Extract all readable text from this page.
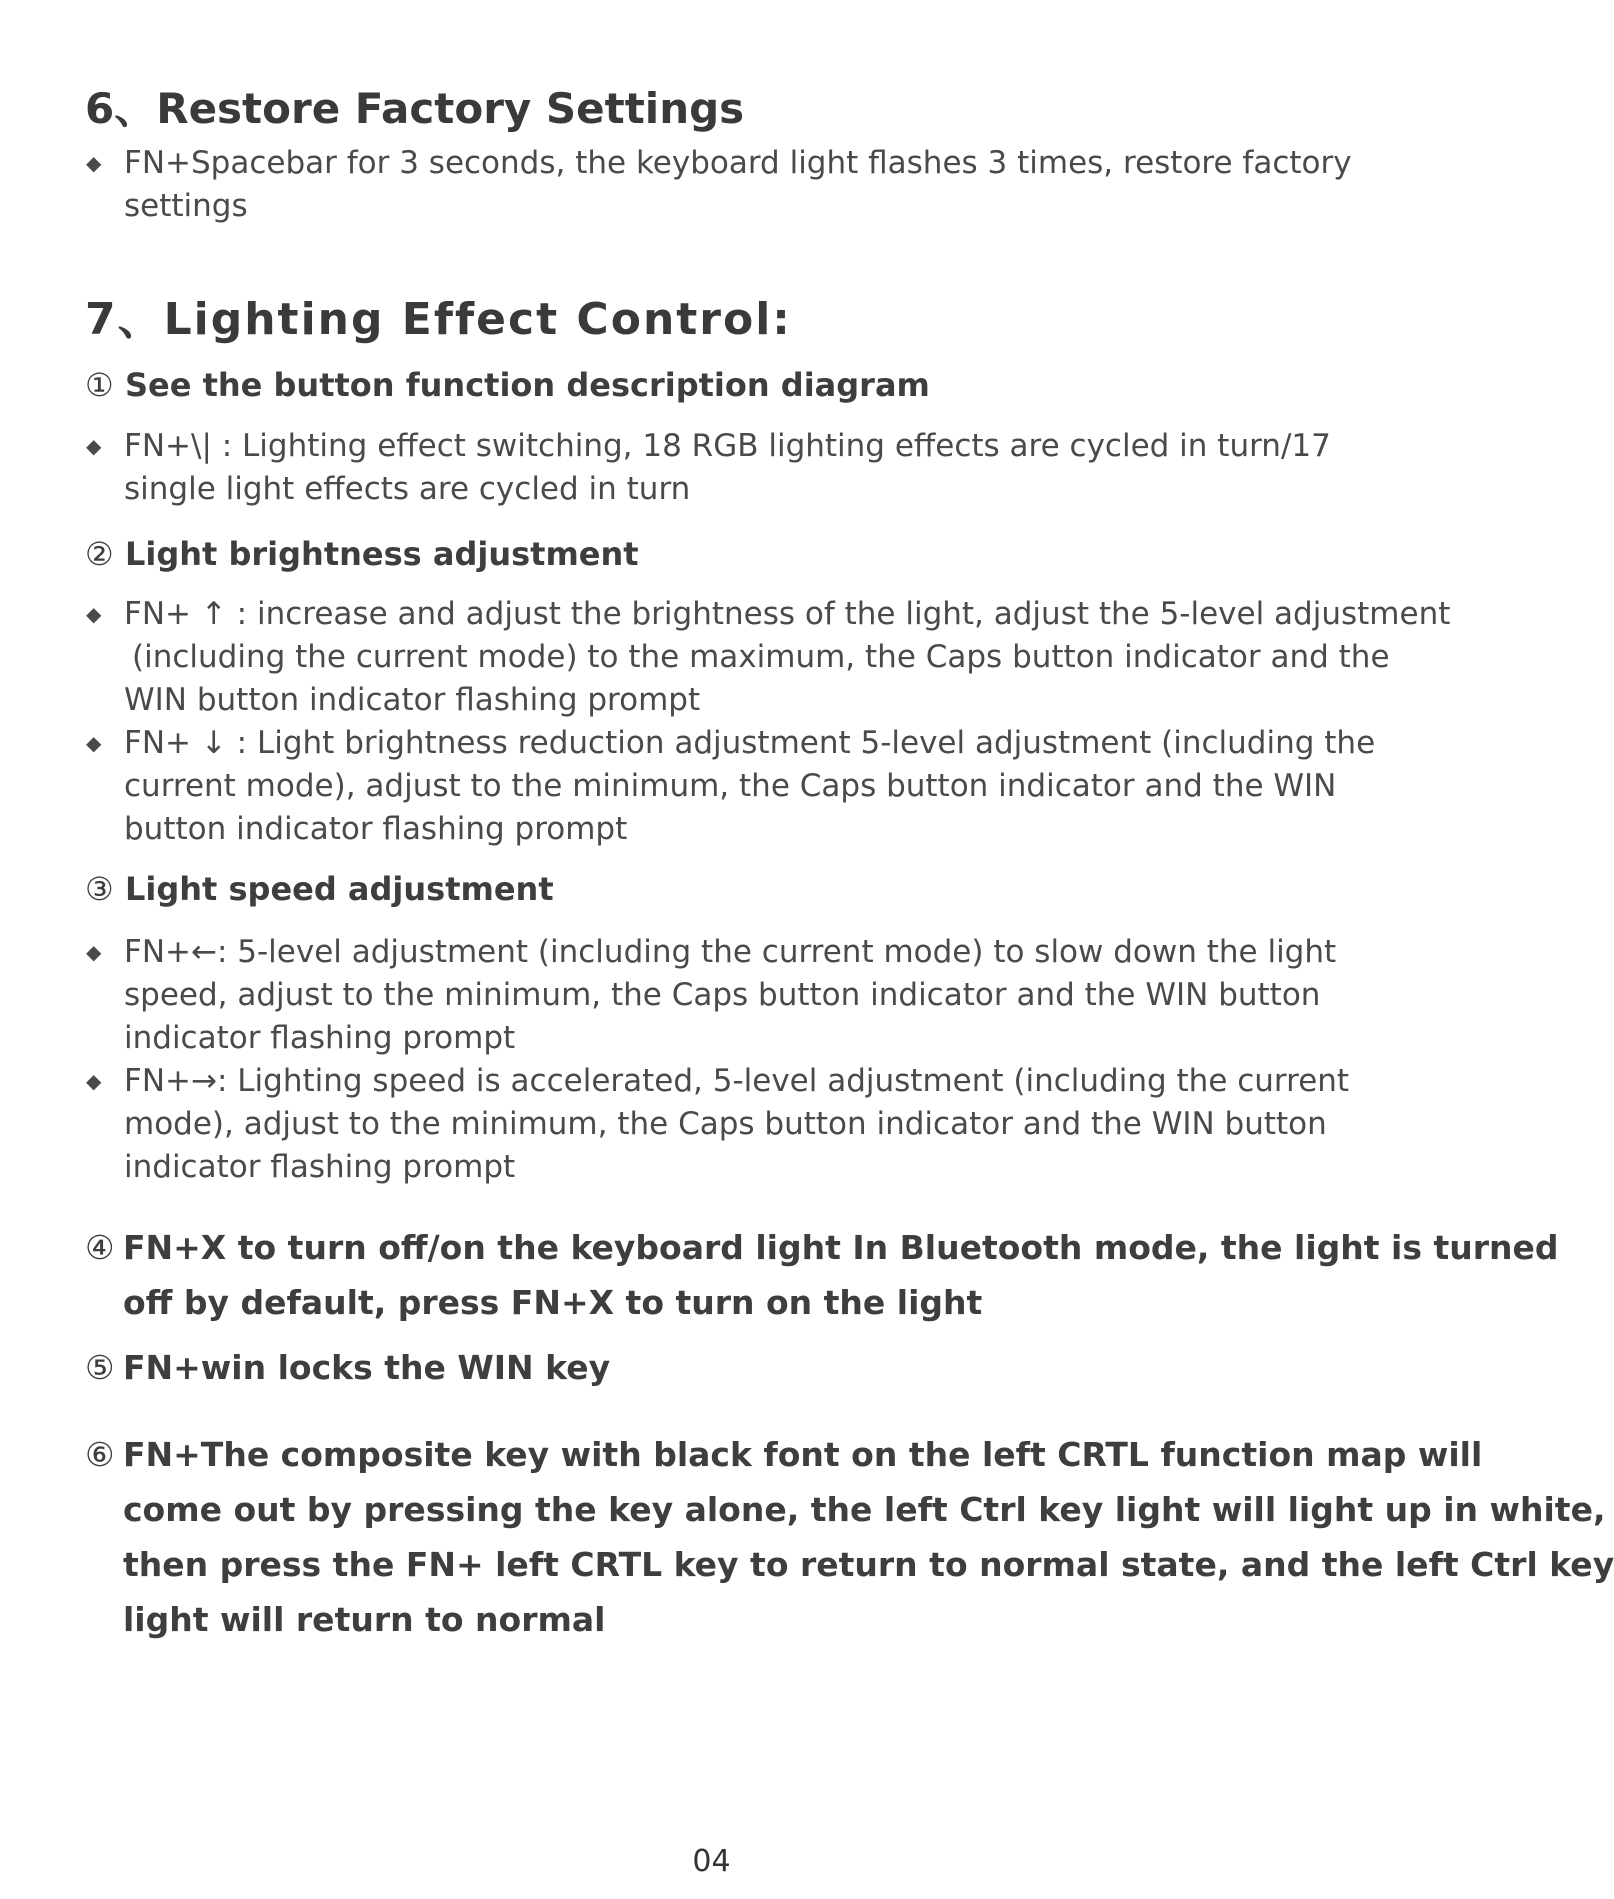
6、Restore Factory Settings
◆ FN+Spacebar for 3 seconds, the keyboard light flashes 3 times, restore factory
settings
7、Lighting Effect Control:
① See the button function description diagram
◆ FN+\| : Lighting effect switching, 18 RGB lighting effects are cycled in turn/17
single light effects are cycled in turn
② Light brightness adjustment
◆ FN+ ↑ : increase and adjust the brightness of the light, adjust the 5-level adjustment
(including the current mode) to the maximum, the Caps button indicator and the
WIN button indicator flashing prompt
◆ FN+ ↓ : Light brightness reduction adjustment 5-level adjustment (including the
current mode), adjust to the minimum, the Caps button indicator and the WIN
button indicator flashing prompt
③ Light speed adjustment
◆ FN+←: 5-level adjustment (including the current mode) to slow down the light
speed, adjust to the minimum, the Caps button indicator and the WIN button
indicator flashing prompt
◆ FN+→: Lighting speed is accelerated, 5-level adjustment (including the current
mode), adjust to the minimum, the Caps button indicator and the WIN button
indicator flashing prompt
④ FN+X to turn off/on the keyboard light In Bluetooth mode, the light is turned
off by default, press FN+X to turn on the light
⑤ FN+win locks the WIN key
⑥ FN+The composite key with black font on the left CRTL function map will
come out by pressing the key alone, the left Ctrl key light will light up in white,
then press the FN+ left CRTL key to return to normal state, and the left Ctrl key
light will return to normal
04
